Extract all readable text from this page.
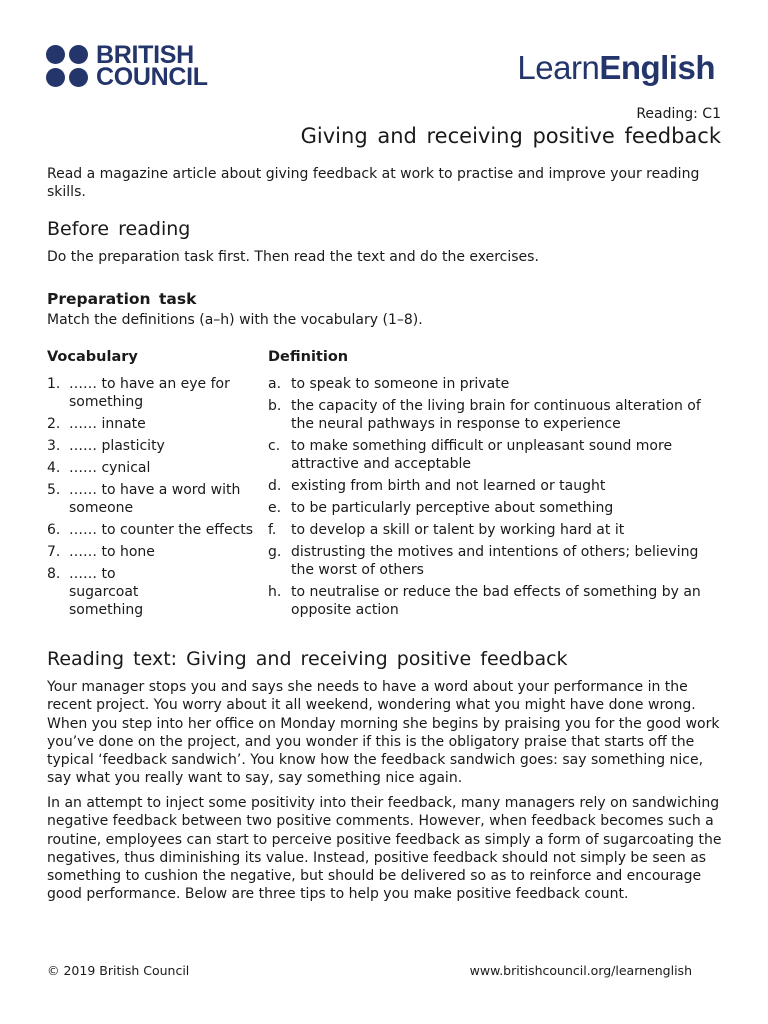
BRITISH
COUNCIL	LearnEnglish
Reading: C1
Giving and receiving positive feedback
Read a magazine article about giving feedback at work to practise and improve your reading skills.
Before reading
Do the preparation task first. Then read the text and do the exercises.
Preparation task
Match the definitions (a–h) with the vocabulary (1–8).
Vocabulary	Definition
1. …… to have an eye for something
2. …… innate
3. …… plasticity
4. …… cynical
5. …… to have a word with someone
6. …… to counter the effects
7. …… to hone
8. …… to sugarcoat something
a. to speak to someone in private
b. the capacity of the living brain for continuous alteration of the neural pathways in response to experience
c. to make something difficult or unpleasant sound more attractive and acceptable
d. existing from birth and not learned or taught
e. to be particularly perceptive about something
f.	to develop a skill or talent by working hard at it
g. distrusting the motives and intentions of others; believing the worst of others
h. to neutralise or reduce the bad effects of something by an opposite action
Reading text: Giving and receiving positive feedback
Your manager stops you and says she needs to have a word about your performance in the recent project. You worry about it all weekend, wondering what you might have done wrong. When you step into her office on Monday morning she begins by praising you for the good work you’ve done on the project, and you wonder if this is the obligatory praise that starts off the typical ‘feedback sandwich’. You know how the feedback sandwich goes: say something nice, say what you really want to say, say something nice again.
In an attempt to inject some positivity into their feedback, many managers rely on sandwiching negative feedback between two positive comments. However, when feedback becomes such a routine, employees can start to perceive positive feedback as simply a form of sugarcoating the negatives, thus diminishing its value. Instead, positive feedback should not simply be seen as something to cushion the negative, but should be delivered so as to reinforce and encourage good performance. Below are three tips to help you make positive feedback count.
© 2019 British Council	www.britishcouncil.org/learnenglish
